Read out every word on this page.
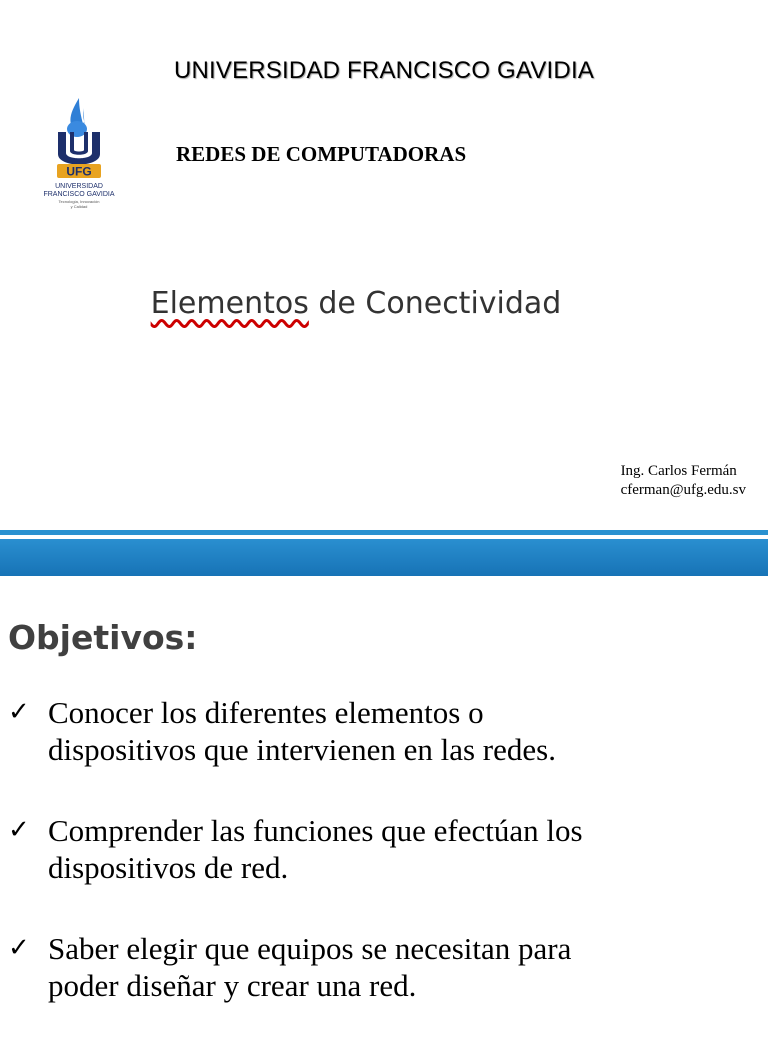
UNIVERSIDAD FRANCISCO GAVIDIA
UFG
UNIVERSIDAD
FRANCISCO GAVIDIA
Tecnología, Innovación
y Calidad
REDES DE COMPUTADORAS
Elementos de Conectividad
Ing. Carlos Fermán
cferman@ufg.edu.sv
Objetivos:
✓ Conocer los diferentes elementos o
dispositivos que intervienen en las redes.
✓ Comprender las funciones que efectúan los
dispositivos de red.
✓ Saber elegir que equipos se necesitan para
poder diseñar y crear una red.
